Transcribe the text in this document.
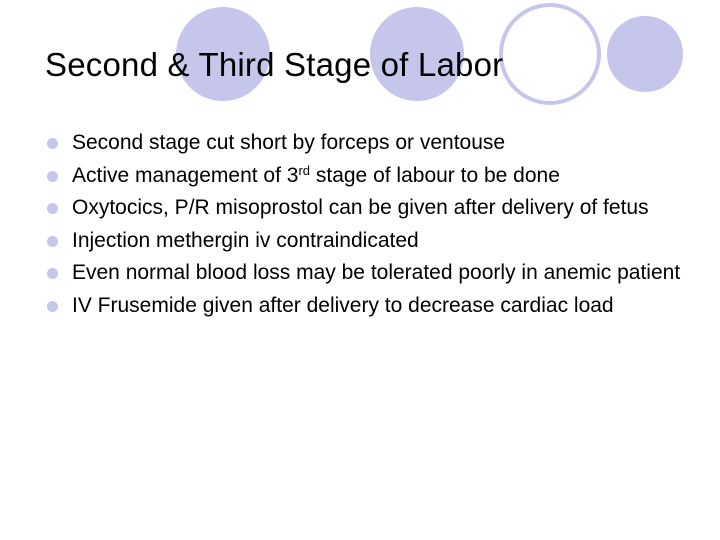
Second & Third Stage of Labor
Second stage cut short by forceps or ventouse
Active management of 3rd stage of labour to be done
Oxytocics, P/R misoprostol can be given after delivery of fetus
Injection methergin iv contraindicated
Even normal blood loss may be tolerated poorly in anemic patient
IV Frusemide given after delivery to decrease cardiac load
